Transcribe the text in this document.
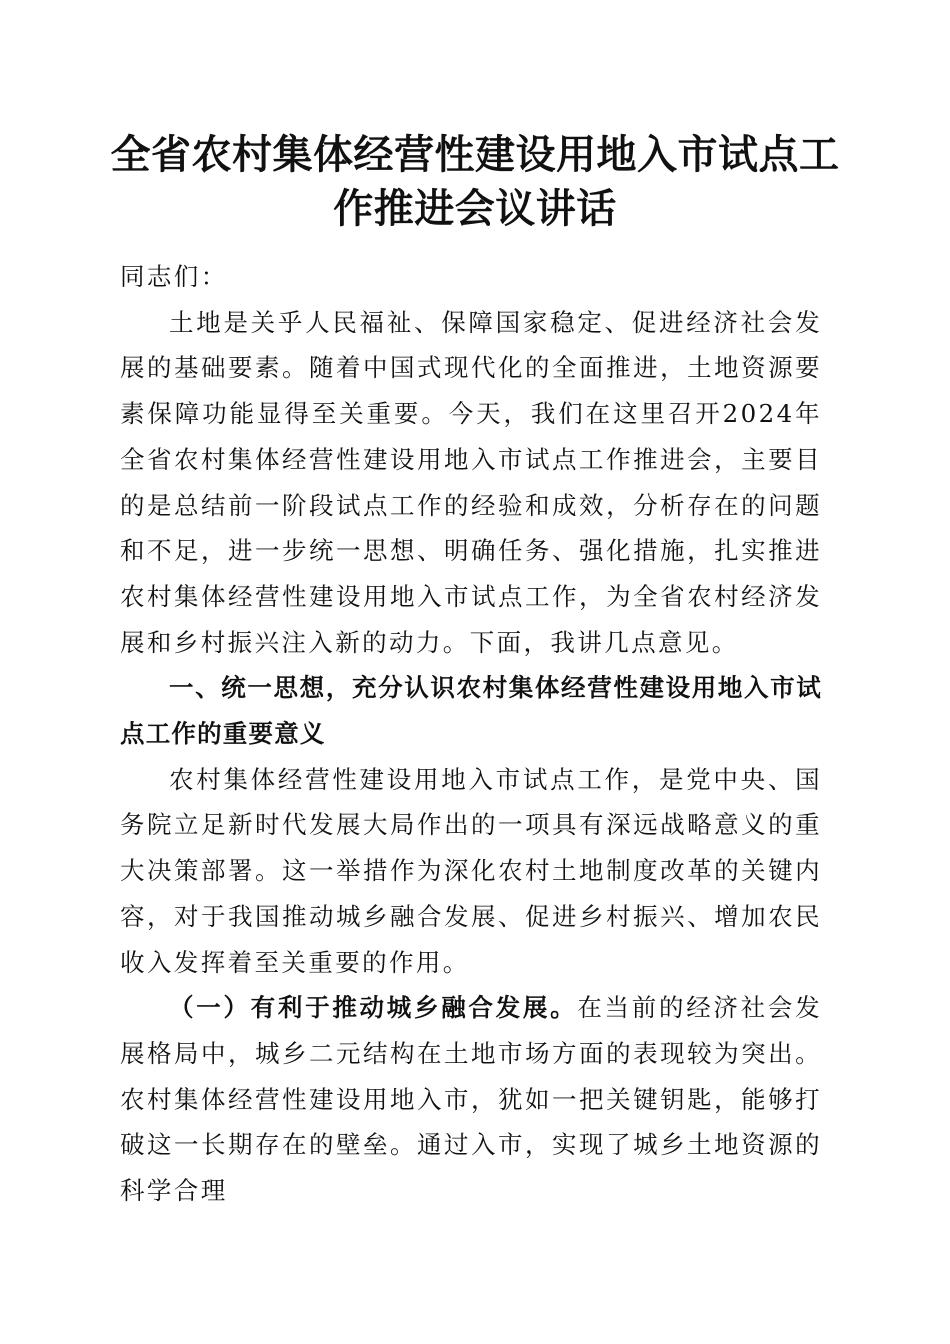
全省农村集体经营性建设用地入市试点工作推进会议讲话

同志们：

土地是关乎人民福祉、保障国家稳定、促进经济社会发展的基础要素。随着中国式现代化的全面推进，土地资源要素保障功能显得至关重要。今天，我们在这里召开2024年全省农村集体经营性建设用地入市试点工作推进会，主要目的是总结前一阶段试点工作的经验和成效，分析存在的问题和不足，进一步统一思想、明确任务、强化措施，扎实推进农村集体经营性建设用地入市试点工作，为全省农村经济发展和乡村振兴注入新的动力。下面，我讲几点意见。

一、统一思想，充分认识农村集体经营性建设用地入市试点工作的重要意义

农村集体经营性建设用地入市试点工作，是党中央、国务院立足新时代发展大局作出的一项具有深远战略意义的重大决策部署。这一举措作为深化农村土地制度改革的关键内容，对于我国推动城乡融合发展、促进乡村振兴、增加农民收入发挥着至关重要的作用。

（一）有利于推动城乡融合发展。在当前的经济社会发展格局中，城乡二元结构在土地市场方面的表现较为突出。农村集体经营性建设用地入市，犹如一把关键钥匙，能够打破这一长期存在的壁垒。通过入市，实现了城乡土地资源的科学合理
